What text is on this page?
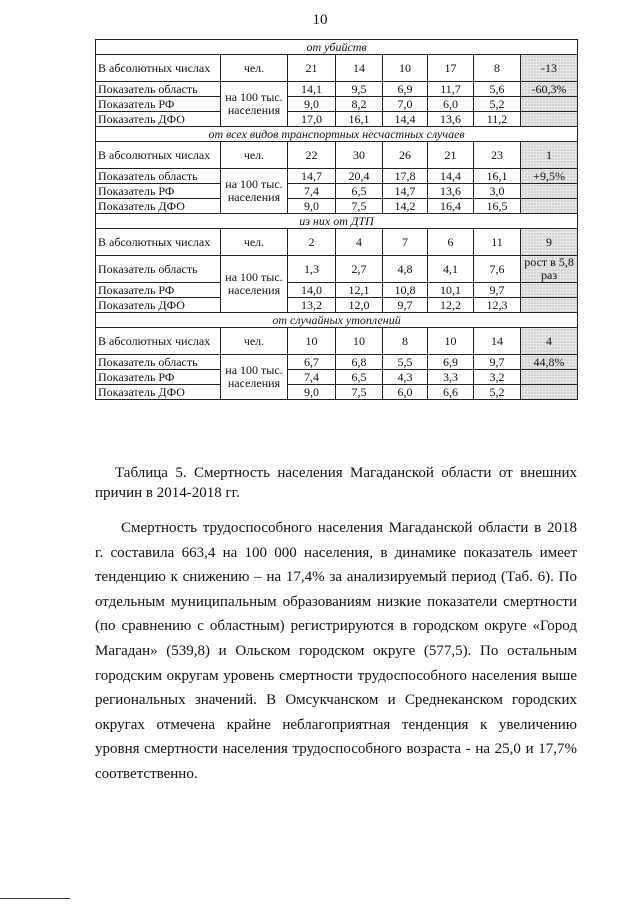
10
от убийств							
В абсолютных числах	чел.	21	14	10	17	8	-13
Показатель область	на 100 тыс. населения	14,1	9,5	6,9	11,7	5,6	-60,3%
Показатель РФ		9,0	8,2	7,0	6,0	5,2	
Показатель ДФО		17,0	16,1	14,4	13,6	11,2	
от всех видов транспортных несчастных случаев							
В абсолютных числах	чел.	22	30	26	21	23	1
Показатель область	на 100 тыс. населения	14,7	20,4	17,8	14,4	16,1	+9,5%
Показатель РФ		7,4	6,5	14,7	13,6	3,0	
Показатель ДФО		9,0	7,5	14,2	16,4	16,5	
из них от ДТП							
В абсолютных числах	чел.	2	4	7	6	11	9
Показатель область	на 100 тыс. населения	1,3	2,7	4,8	4,1	7,6	рост в 5,8 раз
Показатель РФ		14,0	12,1	10,8	10,1	9,7	
Показатель ДФО		13,2	12,0	9,7	12,2	12,3	
от случайных утоплений							
В абсолютных числах	чел.	10	10	8	10	14	4
Показатель область	на 100 тыс. населения	6,7	6,8	5,5	6,9	9,7	44,8%
Показатель РФ		7,4	6,5	4,3	3,3	3,2	
Показатель ДФО		9,0	7,5	6,0	6,6	5,2	
Таблица 5. Смертность населения Магаданской области от внешних причин в 2014-2018 гг.

Смертность трудоспособного населения Магаданской области в 2018 г. составила 663,4 на 100 000 населения, в динамике показатель имеет тенденцию к снижению – на 17,4% за анализируемый период (Таб. 6). По отдельным муниципальным образованиям низкие показатели смертности (по сравнению с областным) регистрируются в городском округе «Город Магадан» (539,8) и Ольском городском округе (577,5). По остальным городским округам уровень смертности трудоспособного населения выше региональных значений. В Омсукчанском и Среднеканском городских округах отмечена крайне неблагоприятная тенденция к увеличению уровня смертности населения трудоспособного возраста - на 25,0 и 17,7% соответственно.
